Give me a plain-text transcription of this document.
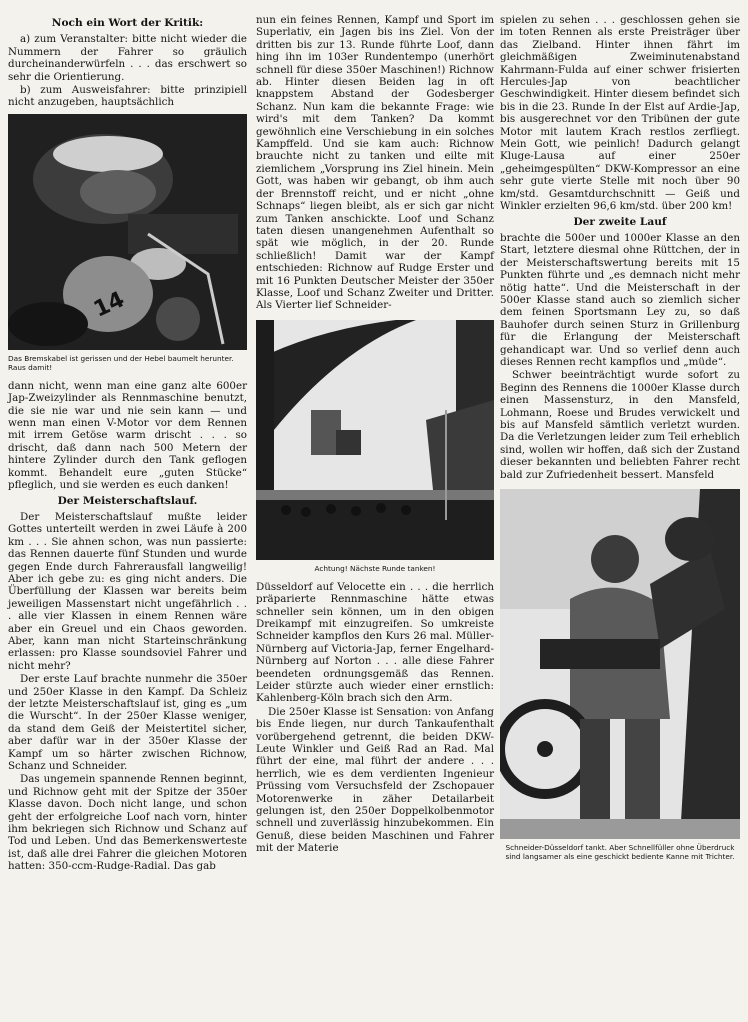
Noch ein Wort der Kritik:

a) zum Veranstalter: bitte nicht wieder die Nummern der Fahrer so gräulich durcheinanderwürfeln . . . das erschwert so sehr die Orientierung.

b) zum Ausweisfahrer: bitte prinzipiell nicht anzugeben, hauptsächlich

14
Das Bremskabel ist gerissen und der Hebel baumelt herunter. Raus damit!

dann nicht, wenn man eine ganz alte 600er Jap-Zweizylinder als Rennmaschine benutzt, die sie nie war und nie sein kann — und wenn man einen V-Motor vor dem Rennen mit irrem Getöse warm drischt . . . so drischt, daß dann nach 500 Metern der hintere Zylinder durch den Tank geflogen kommt. Behandelt eure „guten Stücke“ pfleglich, und sie werden es euch danken!

Der Meisterschaftslauf.

Der Meisterschaftslauf mußte leider Gottes unterteilt werden in zwei Läufe à 200 km . . . Sie ahnen schon, was nun passierte: das Rennen dauerte fünf Stunden und wurde gegen Ende durch Fahrerausfall langweilig! Aber ich gebe zu: es ging nicht anders. Die Überfüllung der Klassen war bereits beim jeweiligen Massenstart nicht ungefährlich . . . alle vier Klassen in einem Rennen wäre aber ein Greuel und ein Chaos geworden. Aber, kann man nicht Starteinschränkung erlassen: pro Klasse soundsoviel Fahrer und nicht mehr?

Der erste Lauf brachte nunmehr die 350er und 250er Klasse in den Kampf. Da Schleiz der letzte Meisterschaftslauf ist, ging es „um die Wurscht“. In der 250er Klasse weniger, da stand dem Geiß der Meistertitel sicher, aber dafür war in der 350er Klasse der Kampf um so härter zwischen Richnow, Schanz und Schneider.

Das ungemein spannende Rennen beginnt, und Richnow geht mit der Spitze der 350er Klasse davon. Doch nicht lange, und schon geht der erfolgreiche Loof nach vorn, hinter ihm bekriegen sich Richnow und Schanz auf Tod und Leben. Und das Bemerkenswerteste ist, daß alle drei Fahrer die gleichen Motoren hatten: 350-ccm-Rudge-Radial. Das gab

nun ein feines Rennen, Kampf und Sport im Superlativ, ein Jagen bis ins Ziel. Von der dritten bis zur 13. Runde führte Loof, dann hing ihn im 103er Rundentempo (unerhört schnell für diese 350er Maschinen!) Richnow ab. Hinter diesen Beiden lag in oft knappstem Abstand der Godesberger Schanz. Nun kam die bekannte Frage: wie wird's mit dem Tanken? Da kommt gewöhnlich eine Verschiebung in ein solches Kampffeld. Und sie kam auch: Richnow brauchte nicht zu tanken und eilte mit ziemlichem „Vorsprung ins Ziel hinein. Mein Gott, was haben wir gebangt, ob ihm auch der Brennstoff reicht, und er nicht „ohne Schnaps“ liegen bleibt, als er sich gar nicht zum Tanken anschickte. Loof und Schanz taten diesen unangenehmen Aufenthalt so spät wie möglich, in der 20. Runde schließlich! Damit war der Kampf entschieden: Richnow auf Rudge Erster und mit 16 Punkten Deutscher Meister der 350er Klasse, Loof und Schanz Zweiter und Dritter. Als Vierter lief Schneider-

Achtung! Nächste Runde tanken!

Düsseldorf auf Velocette ein . . . die herrlich präparierte Rennmaschine hätte etwas schneller sein können, um in den obigen Dreikampf mit einzugreifen. So umkreiste Schneider kampflos den Kurs 26 mal. Müller-Nürnberg auf Victoria-Jap, ferner Engelhard-Nürnberg auf Norton . . . alle diese Fahrer beendeten ordnungsgemäß das Rennen. Leider stürzte auch wieder einer ernstlich: Kahlenberg-Köln brach sich den Arm.

Die 250er Klasse ist Sensation: von Anfang bis Ende liegen, nur durch Tankaufenthalt vorübergehend getrennt, die beiden DKW-Leute Winkler und Geiß Rad an Rad. Mal führt der eine, mal führt der andere . . . herrlich, wie es dem verdienten Ingenieur Prüssing vom Versuchsfeld der Zschopauer Motorenwerke in zäher Detailarbeit gelungen ist, den 250er Doppelkolbenmotor schnell und zuverlässig hinzubekommen. Ein Genuß, diese beiden Maschinen und Fahrer mit der Materie

spielen zu sehen . . . geschlossen gehen sie im toten Rennen als erste Preisträger über das Zielband. Hinter ihnen fährt im gleichmäßigen Zweiminutenabstand Kahrmann-Fulda auf einer schwer frisierten Hercules-Jap von beachtlicher Geschwindigkeit. Hinter diesem befindet sich bis in die 23. Runde In der Elst auf Ardie-Jap, bis ausgerechnet vor den Tribünen der gute Motor mit lautem Krach restlos zerfliegt. Mein Gott, wie peinlich! Dadurch gelangt Kluge-Lausa auf einer 250er „geheimgespülten“ DKW-Kompressor an eine sehr gute vierte Stelle mit noch über 90 km/std. Gesamtdurchschnitt — Geiß und Winkler erzielten 96,6 km/std. über 200 km!

Der zweite Lauf

brachte die 500er und 1000er Klasse an den Start, letztere diesmal ohne Rüttchen, der in der Meisterschaftswertung bereits mit 15 Punkten führte und „es demnach nicht mehr nötig hatte“. Und die Meisterschaft in der 500er Klasse stand auch so ziemlich sicher dem feinen Sportsmann Ley zu, so daß Bauhofer durch seinen Sturz in Grillenburg für die Erlangung der Meisterschaft gehandicapt war. Und so verlief denn auch dieses Rennen recht kampflos und „müde“.

Schwer beeinträchtigt wurde sofort zu Beginn des Rennens die 1000er Klasse durch einen Massensturz, in den Mansfeld, Lohmann, Roese und Brudes verwickelt und bis auf Mansfeld sämtlich verletzt wurden. Da die Verletzungen leider zum Teil erheblich sind, wollen wir hoffen, daß sich der Zustand dieser bekannten und beliebten Fahrer recht bald zur Zufriedenheit bessert. Mansfeld

Schneider-Düsseldorf tankt. Aber Schnellfüller ohne Überdruck sind langsamer als eine geschickt bediente Kanne mit Trichter.
